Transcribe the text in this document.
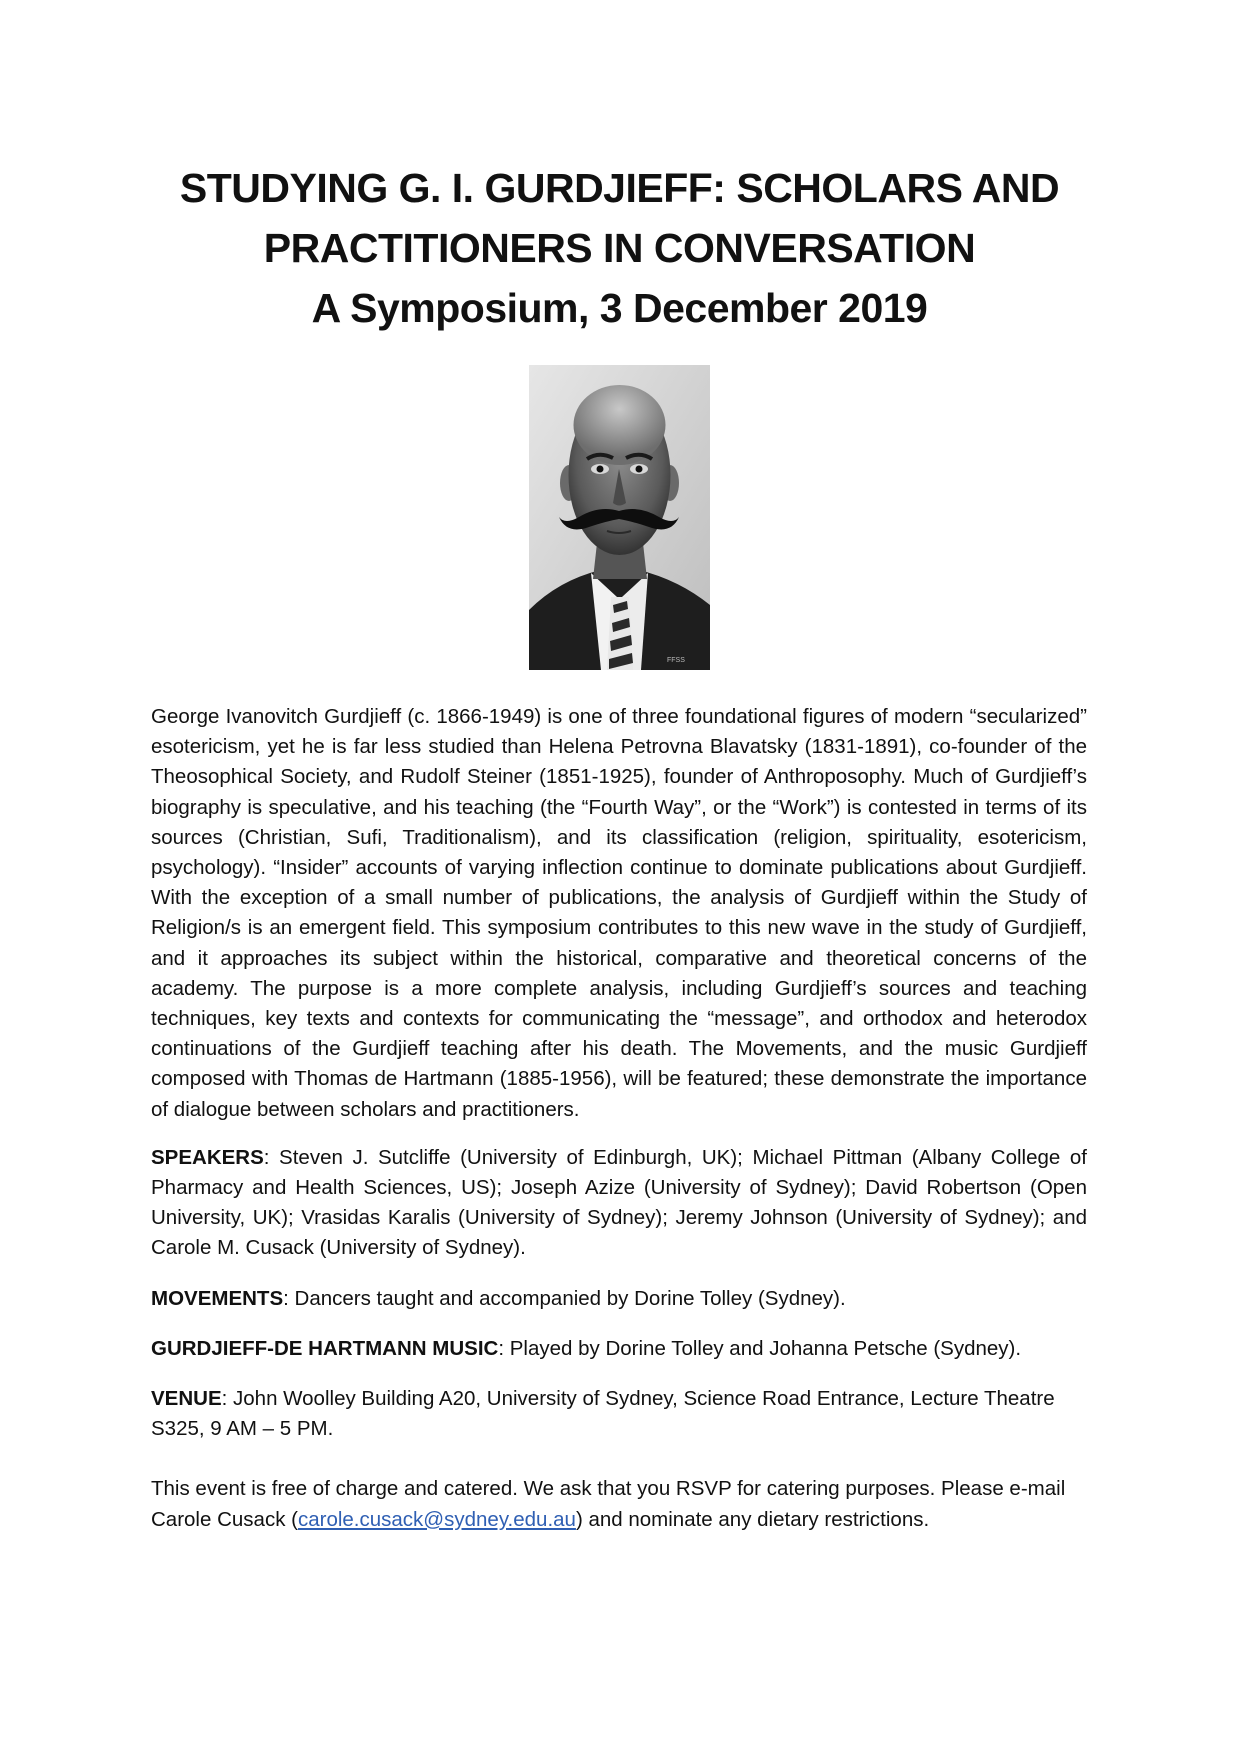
STUDYING G. I. GURDJIEFF: SCHOLARS AND
PRACTITIONERS IN CONVERSATION
A Symposium, 3 December 2019
FFSS

George Ivanovitch Gurdjieff (c. 1866-1949) is one of three foundational figures of modern “secularized” esotericism, yet he is far less studied than Helena Petrovna Blavatsky (1831-1891), co-founder of the Theosophical Society, and Rudolf Steiner (1851-1925), founder of Anthroposophy. Much of Gurdjieff’s biography is speculative, and his teaching (the “Fourth Way”, or the “Work”) is contested in terms of its sources (Christian, Sufi, Traditionalism), and its classification (religion, spirituality, esotericism, psychology). “Insider” accounts of varying inflection continue to dominate publications about Gurdjieff. With the exception of a small number of publications, the analysis of Gurdjieff within the Study of Religion/s is an emergent field. This symposium contributes to this new wave in the study of Gurdjieff, and it approaches its subject within the historical, comparative and theoretical concerns of the academy. The purpose is a more complete analysis, including Gurdjieff’s sources and teaching techniques, key texts and contexts for communicating the “message”, and orthodox and heterodox continuations of the Gurdjieff teaching after his death. The Movements, and the music Gurdjieff composed with Thomas de Hartmann (1885-1956), will be featured; these demonstrate the importance of dialogue between scholars and practitioners.

SPEAKERS: Steven J. Sutcliffe (University of Edinburgh, UK); Michael Pittman (Albany College of Pharmacy and Health Sciences, US); Joseph Azize (University of Sydney); David Robertson (Open University, UK); Vrasidas Karalis (University of Sydney); Jeremy Johnson (University of Sydney); and Carole M. Cusack (University of Sydney).

MOVEMENTS: Dancers taught and accompanied by Dorine Tolley (Sydney).

GURDJIEFF-DE HARTMANN MUSIC: Played by Dorine Tolley and Johanna Petsche (Sydney).

VENUE: John Woolley Building A20, University of Sydney, Science Road Entrance, Lecture Theatre S325, 9 AM – 5 PM.

This event is free of charge and catered. We ask that you RSVP for catering purposes. Please e-mail Carole Cusack (carole.cusack@sydney.edu.au) and nominate any dietary restrictions.
